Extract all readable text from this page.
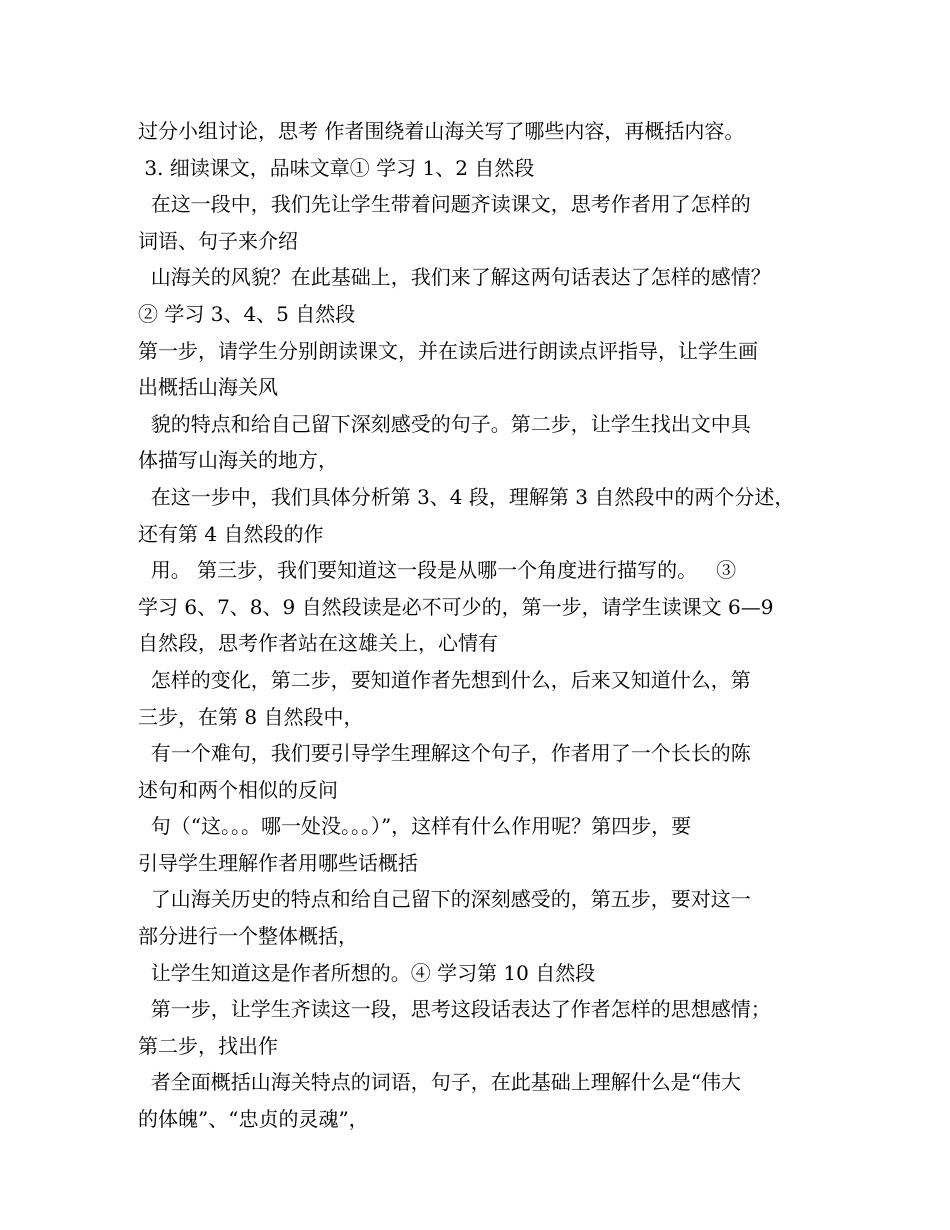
过分小组讨论，思考 作者围绕着山海关写了哪些内容，再概括内容。
3. 细读课文，品味文章① 学习 1、2 自然段
在这一段中，我们先让学生带着问题齐读课文，思考作者用了怎样的
词语、句子来介绍
山海关的风貌？在此基础上，我们来了解这两句话表达了怎样的感情？
② 学习 3、4、5 自然段
第一步，请学生分别朗读课文，并在读后进行朗读点评指导，让学生画
出概括山海关风
貌的特点和给自己留下深刻感受的句子。第二步，让学生找出文中具
体描写山海关的地方，
在这一步中，我们具体分析第 3、4 段，理解第 3 自然段中的两个分述，
还有第 4 自然段的作
用。 第三步，我们要知道这一段是从哪一个角度进行描写的。   ③
学习 6、7、8、9 自然段读是必不可少的，第一步，请学生读课文 6—9
自然段，思考作者站在这雄关上，心情有
怎样的变化，第二步，要知道作者先想到什么，后来又知道什么，第
三步，在第 8 自然段中，
有一个难句，我们要引导学生理解这个句子，作者用了一个长长的陈
述句和两个相似的反问
句（“这。。。哪一处没。。。）”，这样有什么作用呢？第四步，要
引导学生理解作者用哪些话概括
了山海关历史的特点和给自己留下的深刻感受的，第五步，要对这一
部分进行一个整体概括，
让学生知道这是作者所想的。④ 学习第 10 自然段
第一步，让学生齐读这一段，思考这段话表达了作者怎样的思想感情；
第二步，找出作
者全面概括山海关特点的词语，句子，在此基础上理解什么是“伟大
的体魄”、“忠贞的灵魂”，
